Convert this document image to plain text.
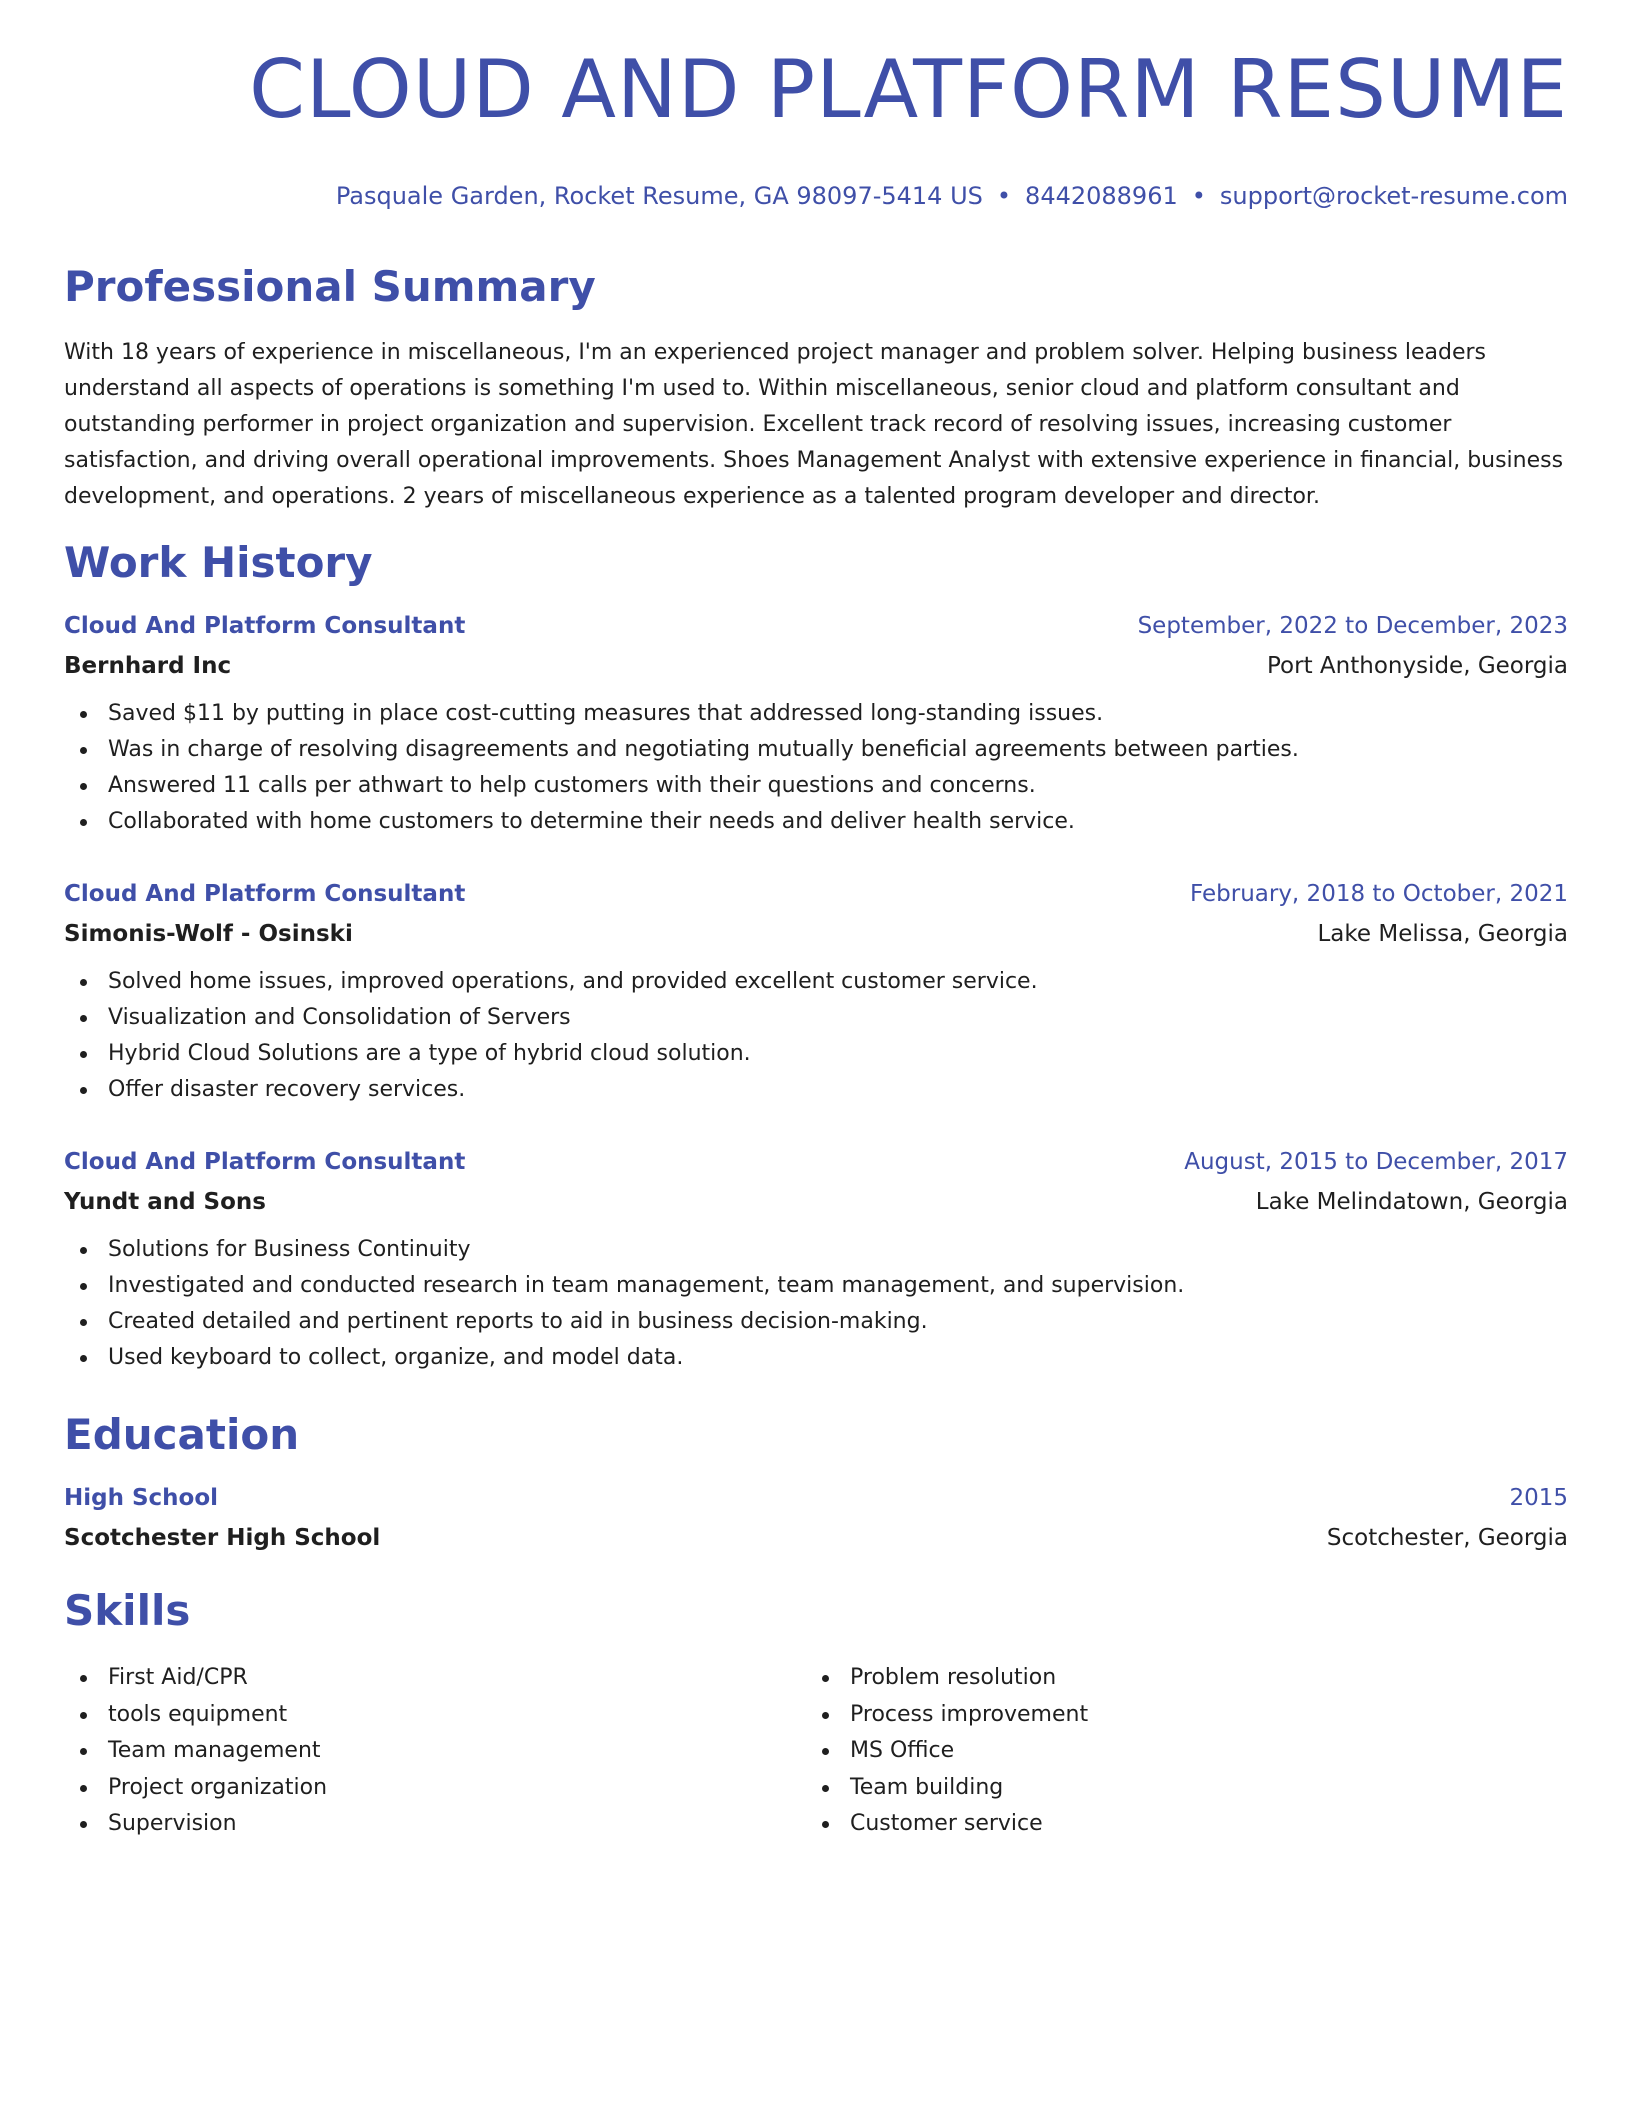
CLOUD AND PLATFORM RESUME
Pasquale Garden, Rocket Resume, GA 98097-5414 US • 8442088961 • support@rocket-resume.com
Professional Summary

With 18 years of experience in miscellaneous, I'm an experienced project manager and problem solver. Helping business leaders understand all aspects of operations is something I'm used to. Within miscellaneous, senior cloud and platform consultant and outstanding performer in project organization and supervision. Excellent track record of resolving issues, increasing customer satisfaction, and driving overall operational improvements. Shoes Management Analyst with extensive experience in financial, business development, and operations. 2 years of miscellaneous experience as a talented program developer and director.

Work History
Cloud And Platform Consultant	September, 2022 to December, 2023
Bernhard Inc	Port Anthonyside, Georgia
Saved $11 by putting in place cost-cutting measures that addressed long-standing issues.
Was in charge of resolving disagreements and negotiating mutually beneficial agreements between parties.
Answered 11 calls per athwart to help customers with their questions and concerns.
Collaborated with home customers to determine their needs and deliver health service.
Cloud And Platform Consultant	February, 2018 to October, 2021
Simonis-Wolf - Osinski	Lake Melissa, Georgia
Solved home issues, improved operations, and provided excellent customer service.
Visualization and Consolidation of Servers
Hybrid Cloud Solutions are a type of hybrid cloud solution.
Offer disaster recovery services.
Cloud And Platform Consultant	August, 2015 to December, 2017
Yundt and Sons	Lake Melindatown, Georgia
Solutions for Business Continuity
Investigated and conducted research in team management, team management, and supervision.
Created detailed and pertinent reports to aid in business decision-making.
Used keyboard to collect, organize, and model data.
Education
High School	2015
Scotchester High School	Scotchester, Georgia
Skills
First Aid/CPR
tools equipment
Team management
Project organization
Supervision
Problem resolution
Process improvement
MS Office
Team building
Customer service
